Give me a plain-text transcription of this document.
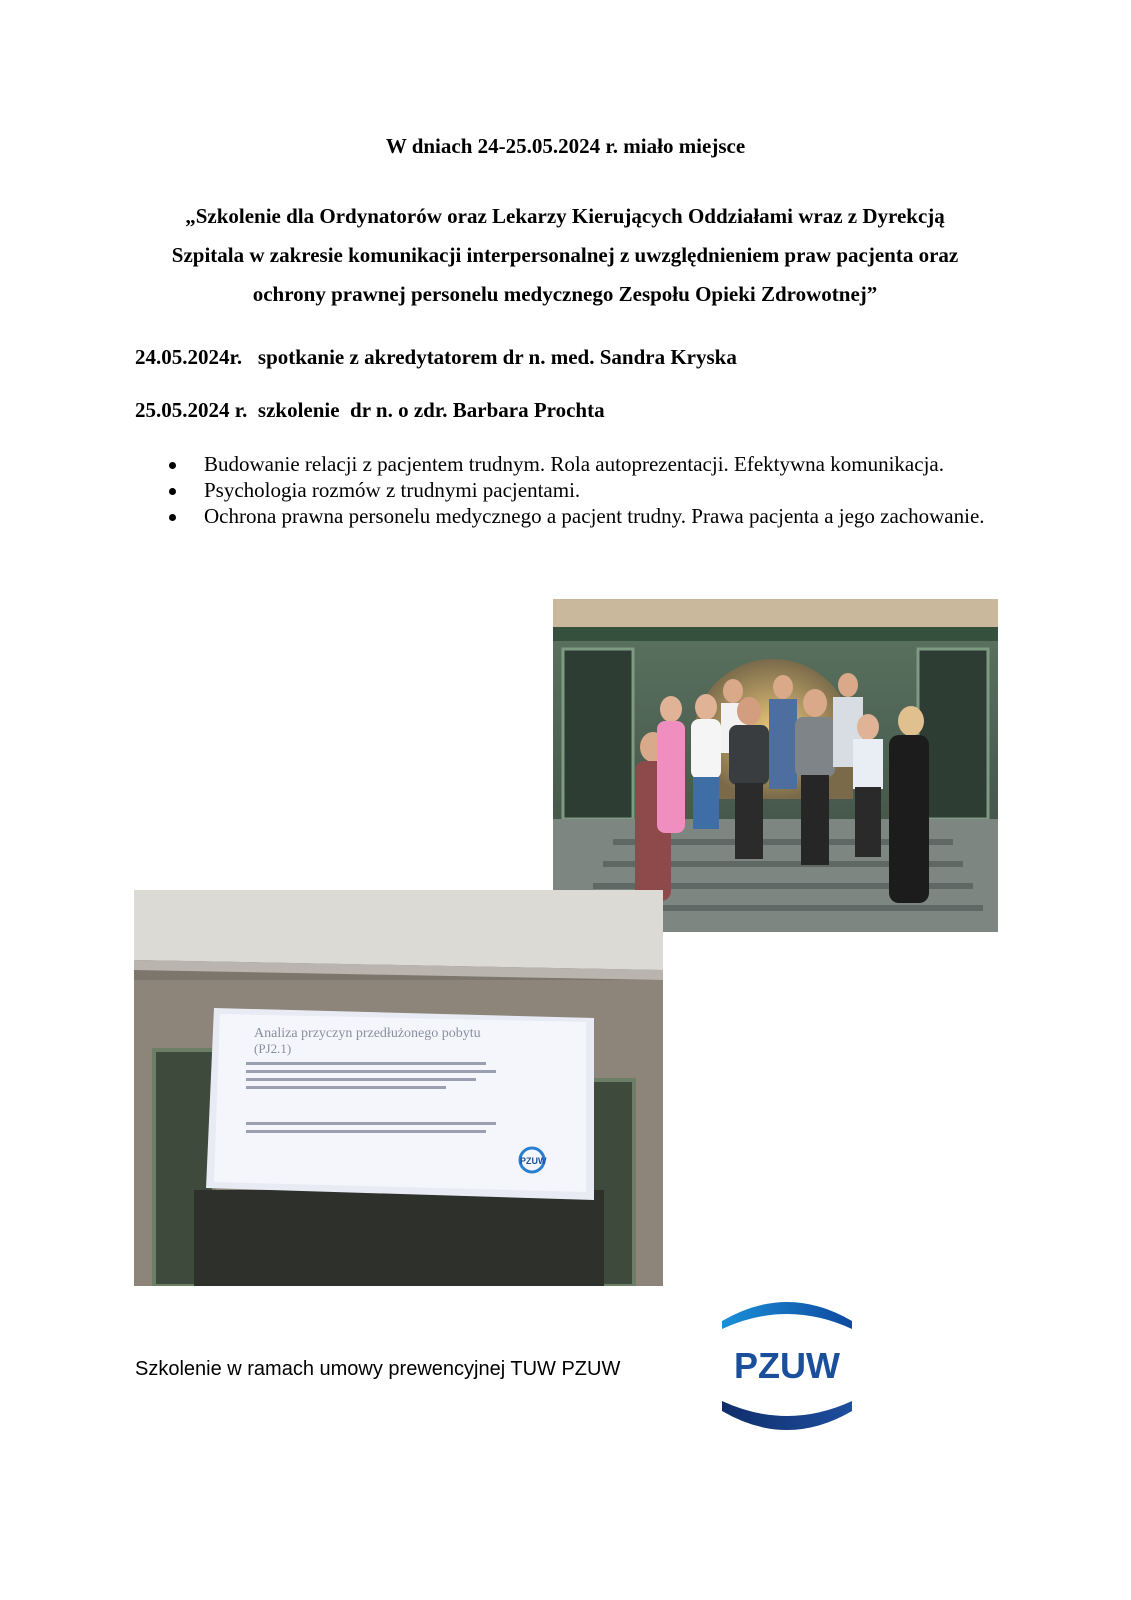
W dniach 24-25.05.2024 r. miało miejsce
„Szkolenie dla Ordynatorów oraz Lekarzy Kierujących Oddziałami wraz z Dyrekcją
Szpitala w zakresie komunikacji interpersonalnej z uwzględnieniem praw pacjenta oraz
ochrony prawnej personelu medycznego Zespołu Opieki Zdrowotnej”
24.05.2024r.   spotkanie z akredytatorem dr n. med. Sandra Kryska
25.05.2024 r.  szkolenie  dr n. o zdr. Barbara Prochta
Budowanie relacji z pacjentem trudnym. Rola autoprezentacji. Efektywna komunikacja.
Psychologia rozmów z trudnymi pacjentami.
Ochrona prawna personelu medycznego a pacjent trudny. Prawa pacjenta a jego zachowanie.
Analiza przyczyn przedłużonego pobytu
(PJ2.1)
PZUW
Szkolenie w ramach umowy prewencyjnej TUW PZUW	PZUW
